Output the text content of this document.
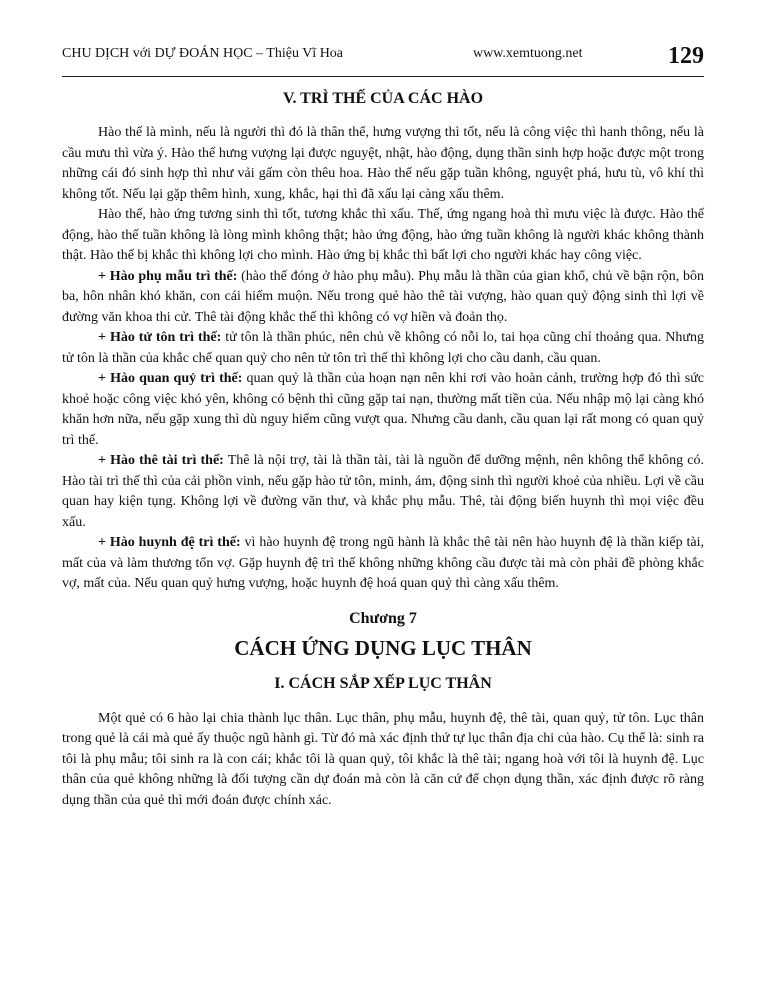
CHU DỊCH với DỰ ĐOÁN HỌC – Thiệu Vĩ Hoa	www.xemtuong.net	129
V. TRÌ THẾ CỦA CÁC HÀO

Hào thế là mình, nếu là người thì đó là thân thể, hưng vượng thì tốt, nếu là công việc thì hanh thông, nếu là cầu mưu thì vừa ý. Hào thế hưng vượng lại được nguyệt, nhật, hào động, dụng thần sinh hợp hoặc được một trong những cái đó sinh hợp thì như vải gấm còn thêu hoa. Hào thế nếu gặp tuần không, nguyệt phá, hưu tù, vô khí thì không tốt. Nếu lại gặp thêm hình, xung, khắc, hại thì đã xấu lại càng xấu thêm.

Hào thế, hào ứng tương sinh thì tốt, tương khắc thì xấu. Thế, ứng ngang hoà thì mưu việc là được. Hào thế động, hào thế tuần không là lòng mình không thật; hào ứng động, hào ứng tuần không là người khác không thành thật. Hào thế bị khắc thì không lợi cho mình. Hào ứng bị khắc thì bất lợi cho người khác hay công việc.

+ Hào phụ mẫu trì thế: (hào thế đóng ở hào phụ mẫu). Phụ mẫu là thần của gian khổ, chủ về bận rộn, bôn ba, hôn nhân khó khăn, con cái hiếm muộn. Nếu trong quẻ hào thê tài vượng, hào quan quỷ động sinh thì lợi về đường văn khoa thi cử. Thê tài động khắc thế thì không có vợ hiền và đoản thọ.

+ Hào tử tôn trì thế: tử tôn là thần phúc, nên chủ về không có nỗi lo, tai họa cũng chỉ thoảng qua. Nhưng tử tôn là thần của khắc chế quan quỷ cho nên tử tôn trì thế thì không lợi cho cầu danh, cầu quan.

+ Hào quan quỷ trì thế: quan quỷ là thần của hoạn nạn nên khi rơi vào hoàn cảnh, trường hợp đó thì sức khoẻ hoặc công việc khó yên, không có bệnh thì cũng gặp tai nạn, thường mất tiền của. Nếu nhập mộ lại càng khó khăn hơn nữa, nếu gặp xung thì dù nguy hiểm cũng vượt qua. Nhưng cầu danh, cầu quan lại rất mong có quan quỷ trì thế.

+ Hào thê tài trì thế: Thê là nội trợ, tài là thần tài, tài là nguồn để dưỡng mệnh, nên không thể không có. Hào tài trì thế thì của cải phồn vinh, nếu gặp hào tử tôn, minh, ám, động sinh thì người khoẻ của nhiều. Lợi về cầu quan hay kiện tụng. Không lợi về đường văn thư, và khắc phụ mẫu. Thê, tài động biến huynh thì mọi việc đều xấu.

+ Hào huynh đệ trì thế: vì hào huynh đệ trong ngũ hành là khắc thê tài nên hào huynh đệ là thần kiếp tài, mất của và làm thương tổn vợ. Gặp huynh đệ trì thế không những không cầu được tài mà còn phải đề phòng khắc vợ, mất của. Nếu quan quỷ hưng vượng, hoặc huynh đệ hoá quan quỷ thì càng xấu thêm.

Chương 7
CÁCH ỨNG DỤNG LỤC THÂN
I. CÁCH SẮP XẾP LỤC THÂN

Một quẻ có 6 hào lại chia thành lục thân. Lục thân, phụ mẫu, huynh đệ, thê tài, quan quỷ, tử tôn. Lục thân trong quẻ là cái mà quẻ ấy thuộc ngũ hành gì. Từ đó mà xác định thứ tự lục thân địa chi của hào. Cụ thể là: sinh ra tôi là phụ mẫu; tôi sinh ra là con cái; khắc tôi là quan quỷ, tôi khắc là thê tài; ngang hoà với tôi là huynh đệ. Lục thân của quẻ không những là đối tượng cần dự đoán mà còn là căn cứ để chọn dụng thần, xác định được rõ ràng dụng thần của quẻ thì mới đoán được chính xác.
